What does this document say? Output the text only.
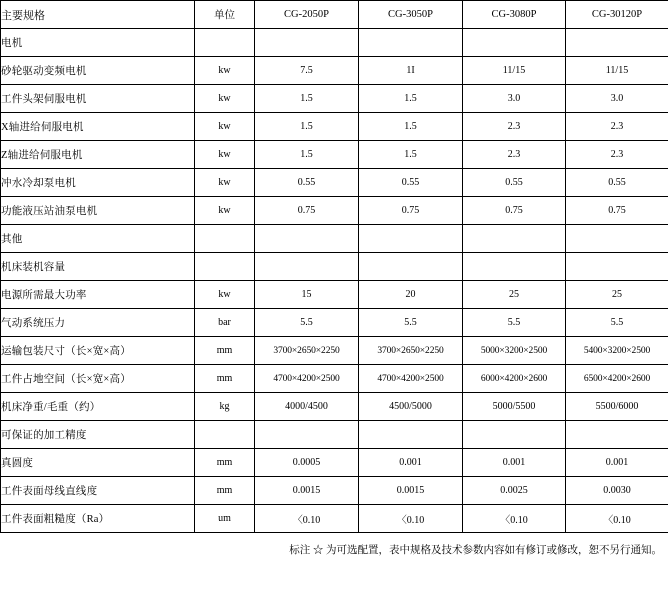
主要规格	单位	CG-2050P	CG-3050P	CG-3080P	CG-30120P
电机					
砂轮驱动变频电机	kw	7.5	1I	11/15	11/15
工件头架伺服电机	kw	1.5	1.5	3.0	3.0
X轴进给伺服电机	kw	1.5	1.5	2.3	2.3
Z轴进给伺服电机	kw	1.5	1.5	2.3	2.3
冲水冷却泵电机	kw	0.55	0.55	0.55	0.55
功能液压站油泵电机	kw	0.75	0.75	0.75	0.75
其他					
机床装机容量					
电源所需最大功率	kw	15	20	25	25
气动系统压力	bar	5.5	5.5	5.5	5.5
运输包装尺寸（长×宽×高）	mm	3700×2650×2250	3700×2650×2250	5000×3200×2500	5400×3200×2500
工件占地空间（长×宽×高）	mm	4700×4200×2500	4700×4200×2500	6000×4200×2600	6500×4200×2600
机床净重/毛重（约）	kg	4000/4500	4500/5000	5000/5500	5500/6000
可保证的加工精度					
真圆度	mm	0.0005	0.001	0.001	0.001
工件表面母线直线度	mm	0.0015	0.0015	0.0025	0.0030
工件表面粗糙度（Ra）	um	〈0.10	〈0.10	〈0.10	〈0.10
标注 ☆ 为可选配置，表中规格及技术参数内容如有修订或修改，恕不另行通知。
